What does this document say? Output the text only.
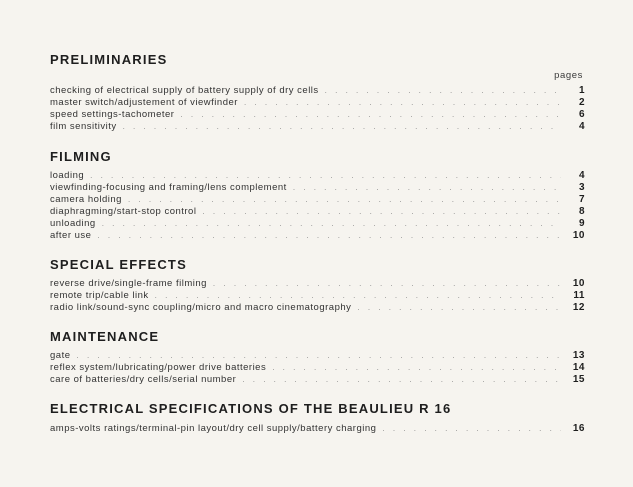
PRELIMINARIES
pages
checking of electrical supply of battery supply of dry cells . . .	1
master switch/adjustement of viewfinder . . .	2
speed settings-tachometer . . .	6
film sensitivity . . .	4
FILMING
loading . . .	4
viewfinding-focusing and framing/lens complement . . .	3
camera holding . . .	7
diaphragming/start-stop control . . .	8
unloading . . .	9
after use . . .	10
SPECIAL EFFECTS
reverse drive/single-frame filming . . .	10
remote trip/cable link . . .	11
radio link/sound-sync coupling/micro and macro cinematography . . .	12
MAINTENANCE
gate . . .	13
reflex system/lubricating/power drive batteries . . .	14
care of batteries/dry cells/serial number . . .	15
ELECTRICAL SPECIFICATIONS OF THE BEAULIEU R 16
amps-volts ratings/terminal-pin layout/dry cell supply/battery charging . . .	16
